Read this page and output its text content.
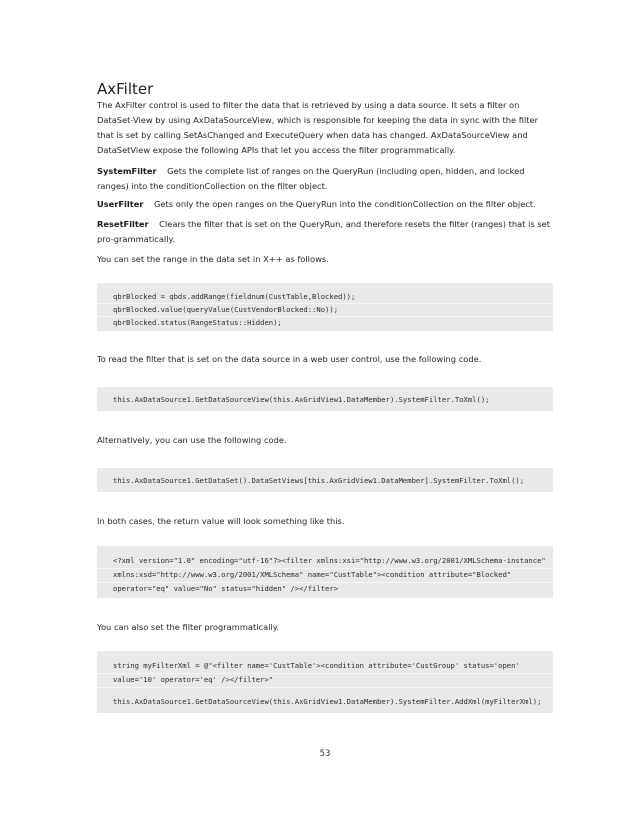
AxFilter
The AxFilter control is used to filter the data that is retrieved by using a data source. It sets a filter on DataSet-View by using AxDataSourceView, which is responsible for keeping the data in sync with the filter that is set by calling SetAsChanged and ExecuteQuery when data has changed. AxDataSourceView and DataSetView expose the following APIs that let you access the filter programmatically.
SystemFilter Gets the complete list of ranges on the QueryRun (including open, hidden, and locked ranges) into the conditionCollection on the filter object.
UserFilter Gets only the open ranges on the QueryRun into the conditionCollection on the filter object.
ResetFilter Clears the filter that is set on the QueryRun, and therefore resets the filter (ranges) that is set pro-grammatically.
You can set the range in the data set in X++ as follows.
qbrBlocked = qbds.addRange(fieldnum(CustTable,Blocked));
qbrBlocked.value(queryValue(CustVendorBlocked::No));
qbrBlocked.status(RangeStatus::Hidden);
To read the filter that is set on the data source in a web user control, use the following code.
this.AxDataSource1.GetDataSourceView(this.AxGridView1.DataMember).SystemFilter.ToXml();
Alternatively, you can use the following code.
this.AxDataSource1.GetDataSet().DataSetViews[this.AxGridView1.DataMember].SystemFilter.ToXml();
In both cases, the return value will look something like this.
<?xml version="1.0" encoding="utf-16"?><filter xmlns:xsi="http://www.w3.org/2001/XMLSchema-instance"
xmlns:xsd="http://www.w3.org/2001/XMLSchema" name="CustTable"><condition attribute="Blocked"
operator="eq" value="No" status="hidden" /></filter>
You can also set the filter programmatically.
string myFilterXml = @"<filter name='CustTable'><condition attribute='CustGroup' status='open'
value='10' operator='eq' /></filter>"
this.AxDataSource1.GetDataSourceView(this.AxGridView1.DataMember).SystemFilter.AddXml(myFilterXml);
53
